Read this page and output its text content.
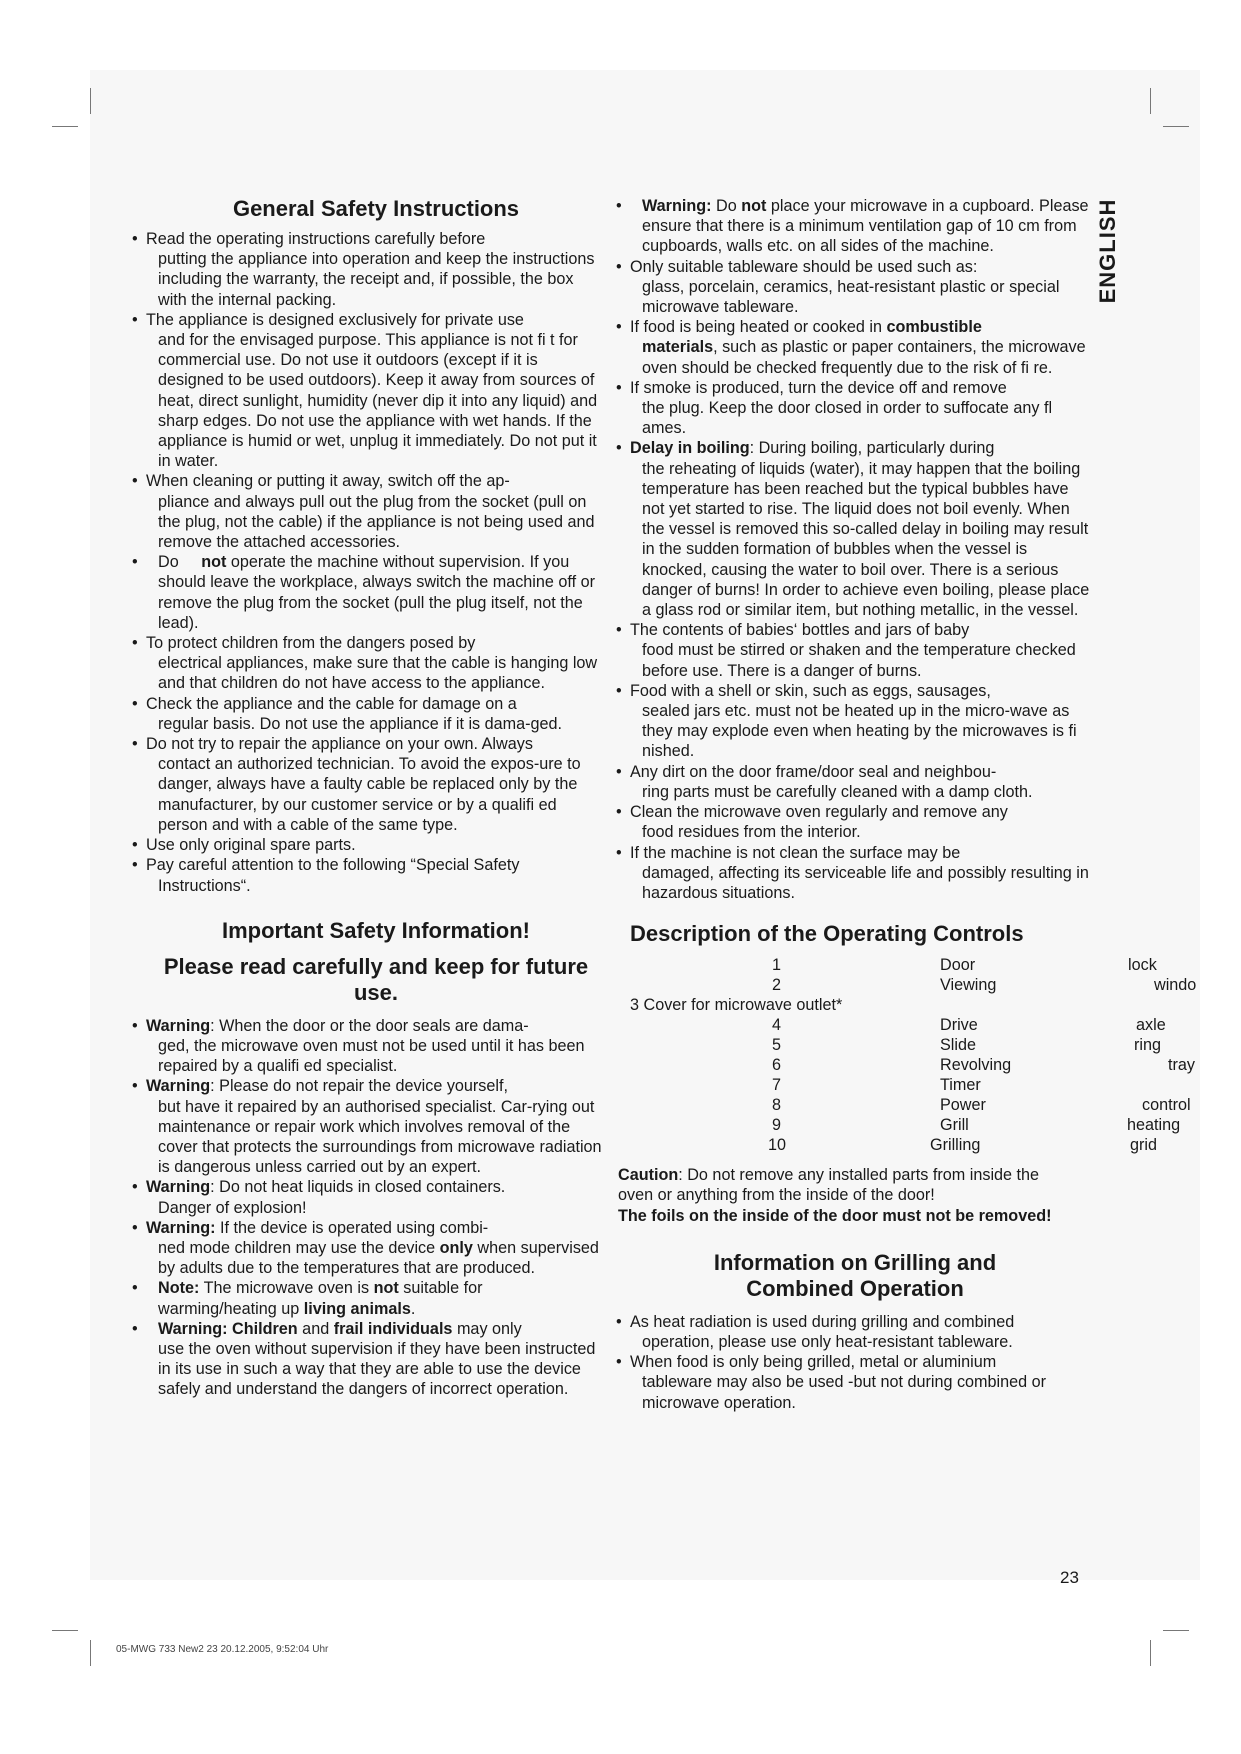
General Safety Instructions
• Read the operating instructions carefully before
putting the appliance into operation and keep the instructions including the warranty, the receipt and, if possible, the box with the internal packing.
• The appliance is designed exclusively for private use
and for the envisaged purpose. This appliance is not fi t for commercial use. Do not use it outdoors (except if it is designed to be used outdoors). Keep it away from sources of heat, direct sunlight, humidity (never dip it into any liquid) and sharp edges. Do not use the appliance with wet hands. If the appliance is humid or wet, unplug it immediately. Do not put it in water.
• When cleaning or putting it away, switch off the ap-
pliance and always pull out the plug from the socket (pull on the plug, not the cable) if the appliance is not being used and remove the attached accessories.
• Do     not operate the machine without supervision. If you should leave the workplace, always switch the machine off or remove the plug from the socket (pull the plug itself, not the lead).
• To protect children from the dangers posed by
electrical appliances, make sure that the cable is hanging low and that children do not have access to the appliance.
• Check the appliance and the cable for damage on a
regular basis. Do not use the appliance if it is dama-ged.
• Do not try to repair the appliance on your own. Always
contact an authorized technician. To avoid the expos-ure to danger, always have a faulty cable be replaced only by the manufacturer, by our customer service or by a qualifi ed person and with a cable of the same type.
• Use only original spare parts.
• Pay careful attention to the following “Special Safety
Instructions“.
Important Safety Information!
Please read carefully and keep for future use.
• Warning: When the door or the door seals are dama-
ged, the microwave oven must not be used until it has been repaired by a qualifi ed specialist.
• Warning: Please do not repair the device yourself,
but have it repaired by an authorised specialist. Car-rying out maintenance or repair work which involves removal of the cover that protects the surroundings from microwave radiation is dangerous unless carried out by an expert.
• Warning: Do not heat liquids in closed containers.
Danger of explosion!
• Warning: If the device is operated using combi-
ned mode children may use the device only when supervised by adults due to the temperatures that are produced.
• Note: The microwave oven is not suitable for
warming/heating up living animals.
• Warning: Children and frail individuals may only
use the oven without supervision if they have been instructed in its use in such a way that they are able to use the device safely and understand the dangers of incorrect operation.
• Warning: Do not place your microwave in a cupboard. Please ensure that there is a minimum ventilation gap of 10 cm from cupboards, walls etc. on all sides of the machine.
• Only suitable tableware should be used such as:
glass, porcelain, ceramics, heat-resistant plastic or special microwave tableware.
• If food is being heated or cooked in combustible
materials, such as plastic or paper containers, the microwave oven should be checked frequently due to the risk of fi re.
• If smoke is produced, turn the device off and remove
the plug. Keep the door closed in order to suffocate any fl ames.
• Delay in boiling: During boiling, particularly during
the reheating of liquids (water), it may happen that the boiling temperature has been reached but the typical bubbles have not yet started to rise. The liquid does not boil evenly. When the vessel is removed this so-called delay in boiling may result in the sudden formation of bubbles when the vessel is knocked, causing the water to boil over. There is a serious danger of burns! In order to achieve even boiling, please place a glass rod or similar item, but nothing metallic, in the vessel.
• The contents of babies‘ bottles and jars of baby
food must be stirred or shaken and the temperature checked before use. There is a danger of burns.
• Food with a shell or skin, such as eggs, sausages,
sealed jars etc. must not be heated up in the micro-wave as they may explode even when heating by the microwaves is fi nished.
• Any dirt on the door frame/door seal and neighbou-
ring parts must be carefully cleaned with a damp cloth.
• Clean the microwave oven regularly and remove any
food residues from the interior.
• If the machine is not clean the surface may be
damaged, affecting its serviceable life and possibly resulting in hazardous situations.
Description of the Operating Controls
1	Door	lock
2	Viewing	windo
3 Cover for microwave outlet*
4	Drive	axle
5	Slide	ring
6	Revolving	tray
7	Timer
8	Power	control
9	Grill	heating
10	Grilling	grid
Caution: Do not remove any installed parts from inside the oven or anything from the inside of the door!
The foils on the inside of the door must not be removed!
Information on Grilling and Combined Operation
• As heat radiation is used during grilling and combined
operation, please use only heat-resistant tableware.
• When food is only being grilled, metal or aluminium
tableware may also be used -but not during combined or microwave operation.
ENGLISH
23
05-MWG 733 New2 23 20.12.2005, 9:52:04 Uhr
